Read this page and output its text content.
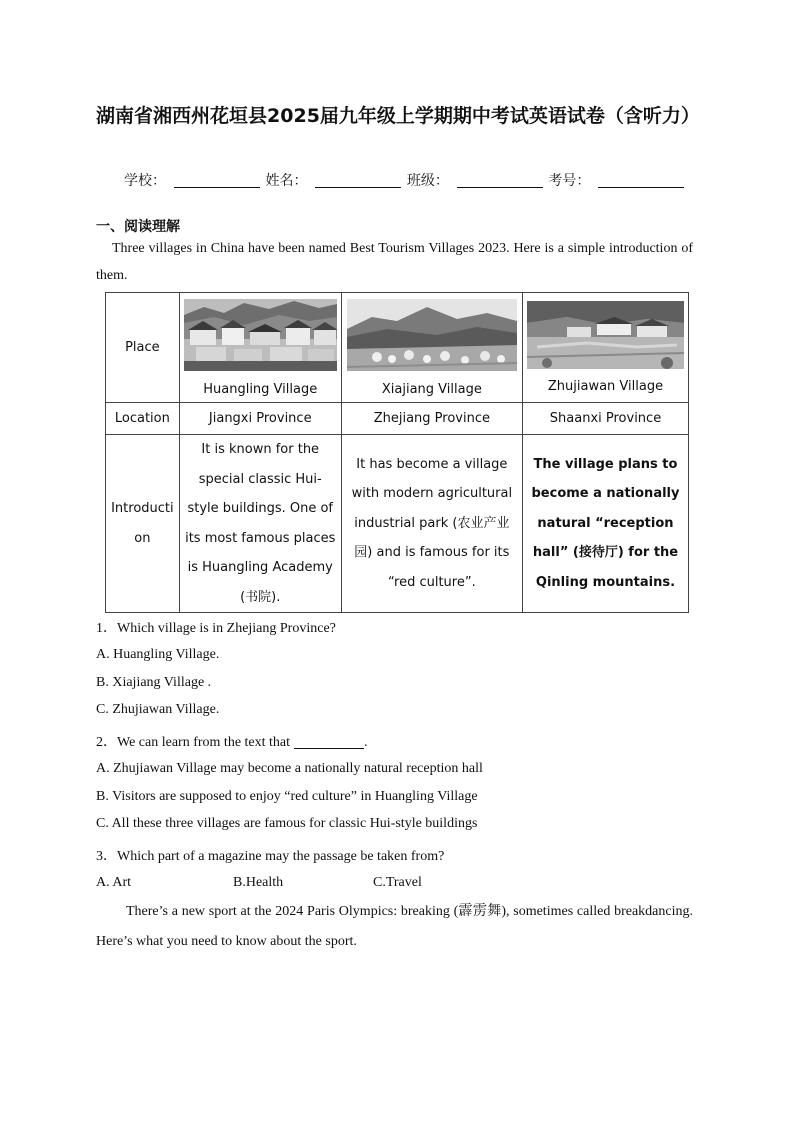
湖南省湘西州花垣县2025届九年级上学期期中考试英语试卷（含听力）
学校：	姓名：	班级：	考号：
一、阅读理解
Three villages in China have been named Best Tourism Villages 2023. Here is a simple introduction of them.
Place	Huangling Village	Xiajiang Village	Zhujiawan Village

Location	Jiangxi Province	Zhejiang Province	Shaanxi Province
Introduction	It is known for the special classic Hui-style buildings. One of its most famous places is Huangling Academy (书院).	It has become a village with modern agricultural industrial park (农业产业园) and is famous for its “red culture”.	The village plans to become a nationally natural “reception hall” (接待厅) for the Qinling mountains.
1．Which village is in Zhejiang Province?
A. Huangling Village.
B. Xiajiang Village .
C. Zhujiawan Village.
2．We can learn from the text that	.
A. Zhujiawan Village may become a nationally natural reception hall
B. Visitors are supposed to enjoy “red culture” in Huangling Village
C. All these three villages are famous for classic Hui-style buildings
3．Which part of a magazine may the passage be taken from?
A. Art	B.Health	C.Travel
There’s a new sport at the 2024 Paris Olympics: breaking (霹雳舞), sometimes called breakdancing. Here’s what you need to know about the sport.
